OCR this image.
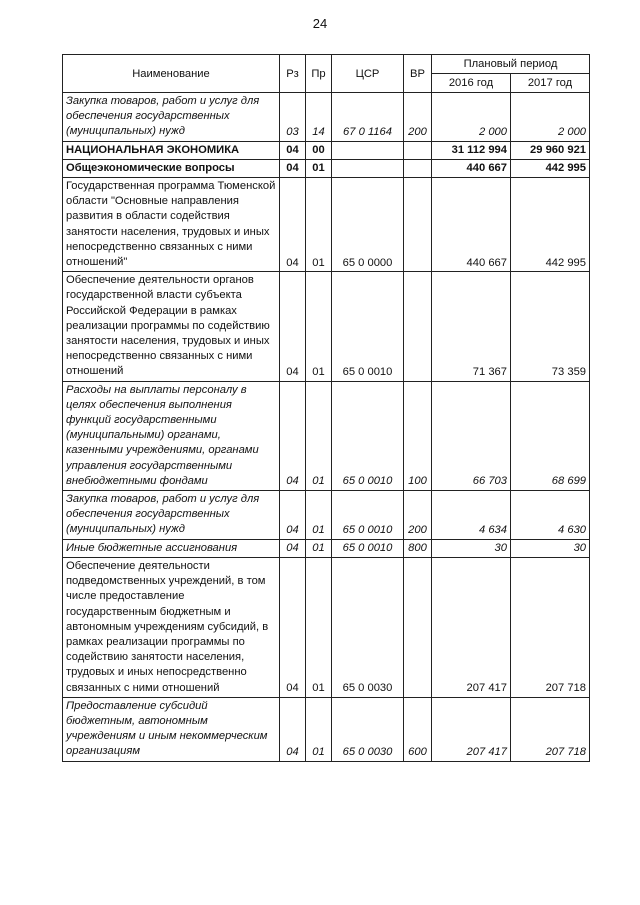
24
Наименование	Рз	Пр	ЦСР	ВР	Плановый период	
					2016 год	2017 год
Закупка товаров, работ и услуг для обеспечения государственных (муниципальных) нужд	03	14	67 0 1164	200	2 000	2 000
НАЦИОНАЛЬНАЯ ЭКОНОМИКА	04	00			31 112 994	29 960 921
Общеэкономические вопросы	04	01			440 667	442 995
Государственная программа Тюменской области "Основные направления развития в области содействия занятости населения, трудовых и иных непосредственно связанных с ними отношений"	04	01	65 0 0000		440 667	442 995
Обеспечение деятельности органов государственной власти субъекта Российской Федерации в рамках реализации программы по содействию занятости населения, трудовых и иных непосредственно связанных с ними отношений	04	01	65 0 0010		71 367	73 359
Расходы на выплаты персоналу в целях обеспечения выполнения функций государственными (муниципальными) органами, казенными учреждениями, органами управления государственными внебюджетными фондами	04	01	65 0 0010	100	66 703	68 699
Закупка товаров, работ и услуг для обеспечения государственных (муниципальных) нужд	04	01	65 0 0010	200	4 634	4 630
Иные бюджетные ассигнования	04	01	65 0 0010	800	30	30
Обеспечение деятельности подведомственных учреждений, в том числе предоставление государственным бюджетным и автономным учреждениям субсидий, в рамках реализации программы по содействию занятости населения, трудовых и иных непосредственно связанных с ними отношений	04	01	65 0 0030		207 417	207 718
Предоставление субсидий бюджетным, автономным учреждениям и иным некоммерческим организациям	04	01	65 0 0030	600	207 417	207 718
